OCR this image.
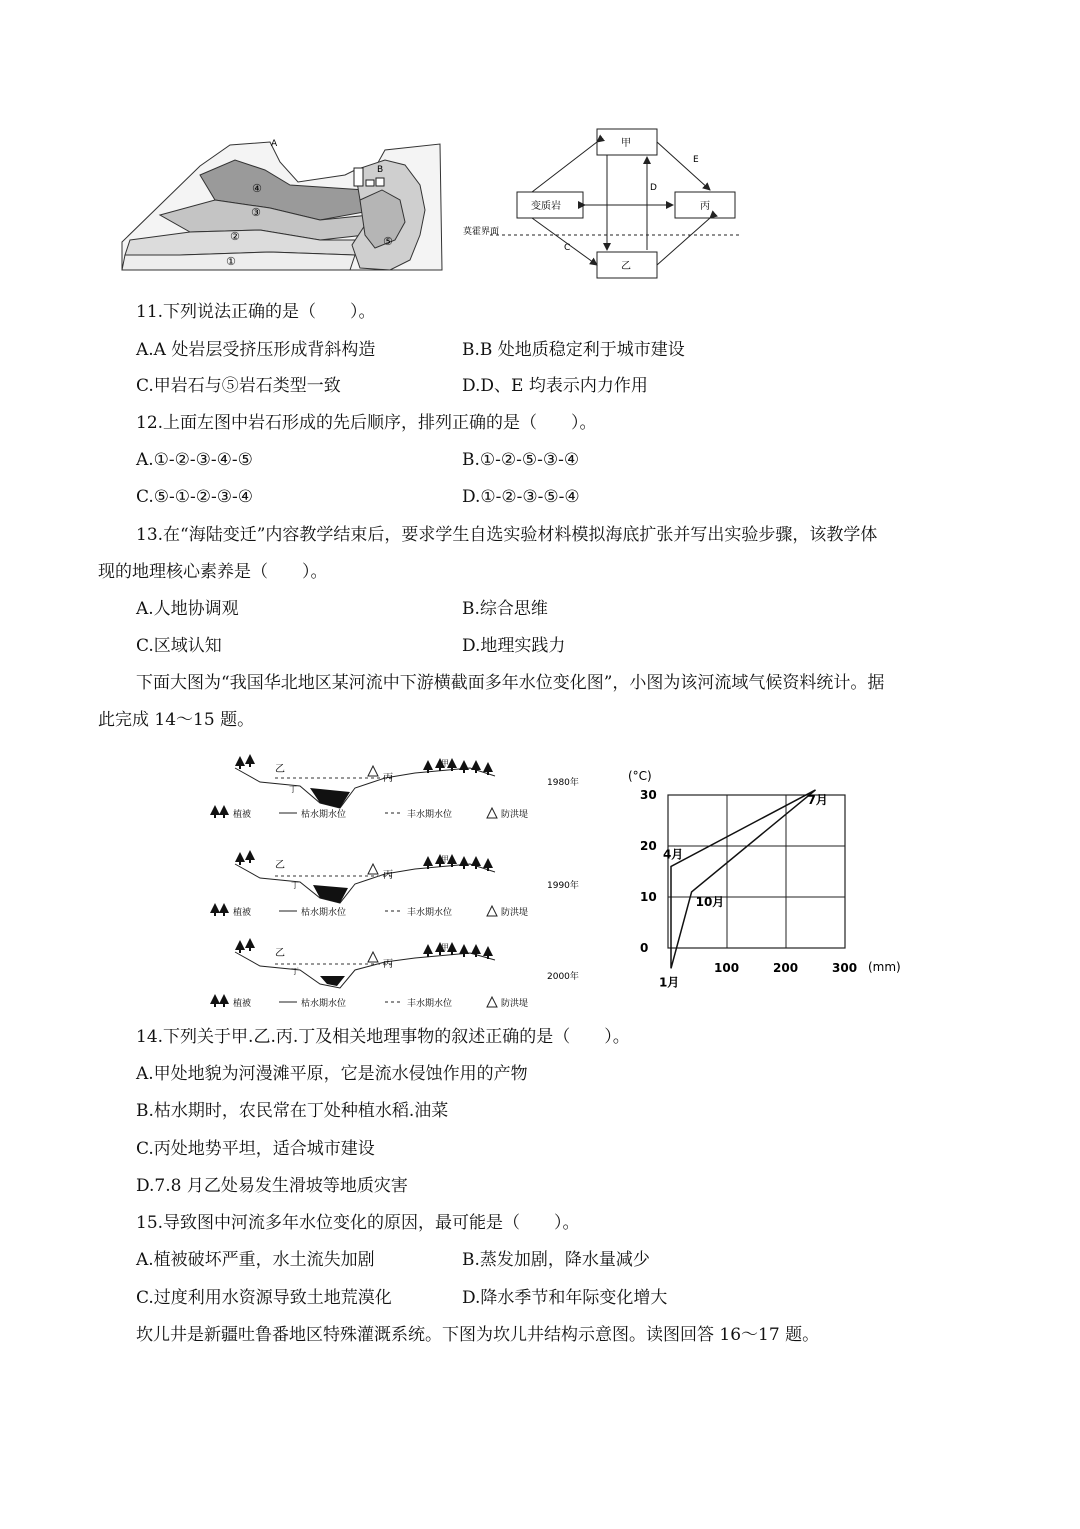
A
B
④
③
②
①
⑤
甲
变质岩	丙
乙
莫霍界面
C
D
E
11.下列说法正确的是（　　）。
A.A 处岩层受挤压形成背斜构造	B.B 处地质稳定利于城市建设
C.甲岩石与⑤岩石类型一致	D.D、E 均表示内力作用
12.上面左图中岩石形成的先后顺序，排列正确的是（　　）。
A.①-②-③-④-⑤	B.①-②-⑤-③-④
C.⑤-①-②-③-④	D.①-②-③-⑤-④
13.在“海陆变迁”内容教学结束后，要求学生自选实验材料模拟海底扩张并写出实验步骤，该教学体
现的地理核心素养是（　　）。
A.人地协调观	B.综合思维
C.区域认知	D.地理实践力
下面大图为“我国华北地区某河流中下游横截面多年水位变化图”，小图为该河流域气候资料统计。据
此完成 14～15 题。
乙
丁
丙
甲
1980年
植被	枯水期水位	丰水期水位	防洪堤
乙
丁
丙
甲
1990年
植被	枯水期水位	丰水期水位	防洪堤
乙
丁
丙
甲
2000年
植被	枯水期水位	丰水期水位	防洪堤
(°C)
(mm)
0
10
20
30
100	200	300
1月
4月
7月
10月
14.下列关于甲.乙.丙.丁及相关地理事物的叙述正确的是（　　）。
A.甲处地貌为河漫滩平原，它是流水侵蚀作用的产物
B.枯水期时，农民常在丁处种植水稻.油菜
C.丙处地势平坦，适合城市建设
D.7.8 月乙处易发生滑坡等地质灾害
15.导致图中河流多年水位变化的原因，最可能是（　　）。
A.植被破坏严重，水土流失加剧	B.蒸发加剧，降水量减少
C.过度利用水资源导致土地荒漠化	D.降水季节和年际变化增大
坎儿井是新疆吐鲁番地区特殊灌溉系统。下图为坎儿井结构示意图。读图回答 16～17 题。
